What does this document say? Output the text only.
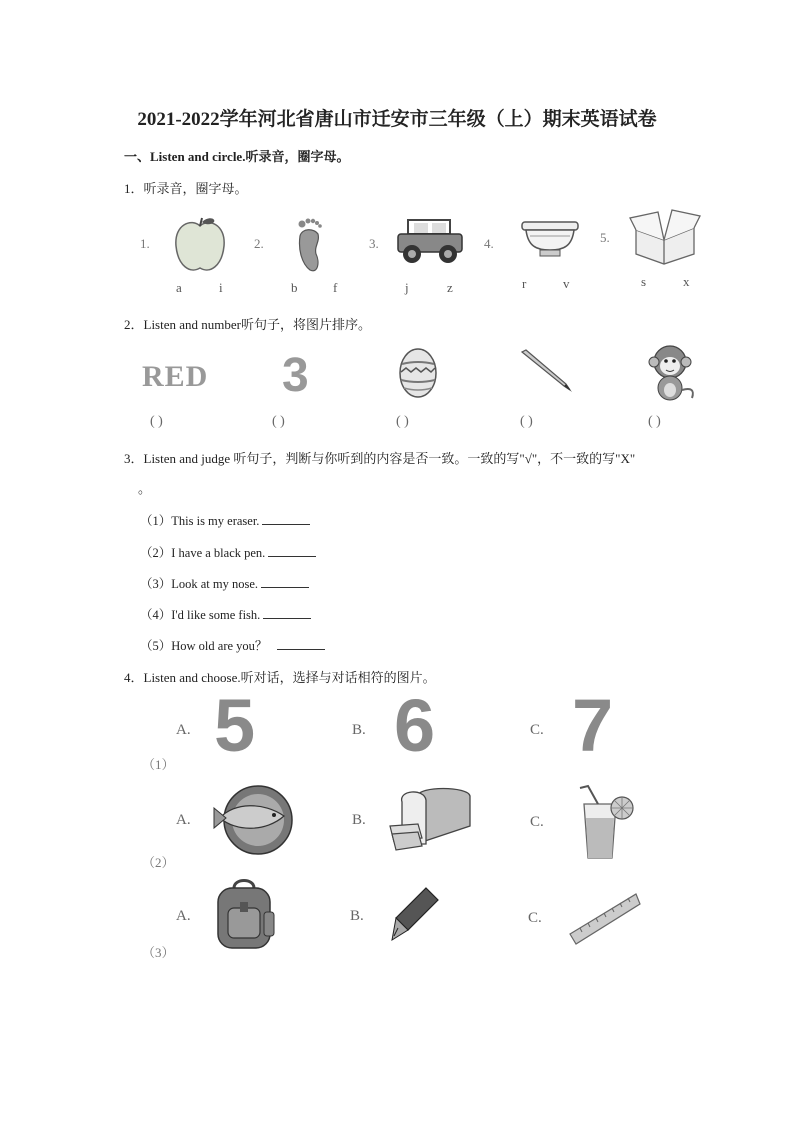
2021-2022学年河北省唐山市迁安市三年级（上）期末英语试卷
一、Listen and circle.听录音，圈字母。
1．听录音，圈字母。
1.
a	i
2.
b	f
3.
j	z
4.
r	v
5.
s	x
2．Listen and number听句子，将图片排序。
RED 3
( )	( )	( )	( )	( )
3．Listen and judge 听句子，判断与你听到的内容是否一致。一致的写"√"，不一致的写"X"
。
（1）This is my eraser.
（2）I have a black pen.
（3）Look at my nose.
（4）I'd like some fish.
（5）How old are you？
4．Listen and choose.听对话，选择与对话相符的图片。
A. 5	B. 6	C. 7
（1）
A.	B.	C.
（2）
A.	B.	C.
（3）
